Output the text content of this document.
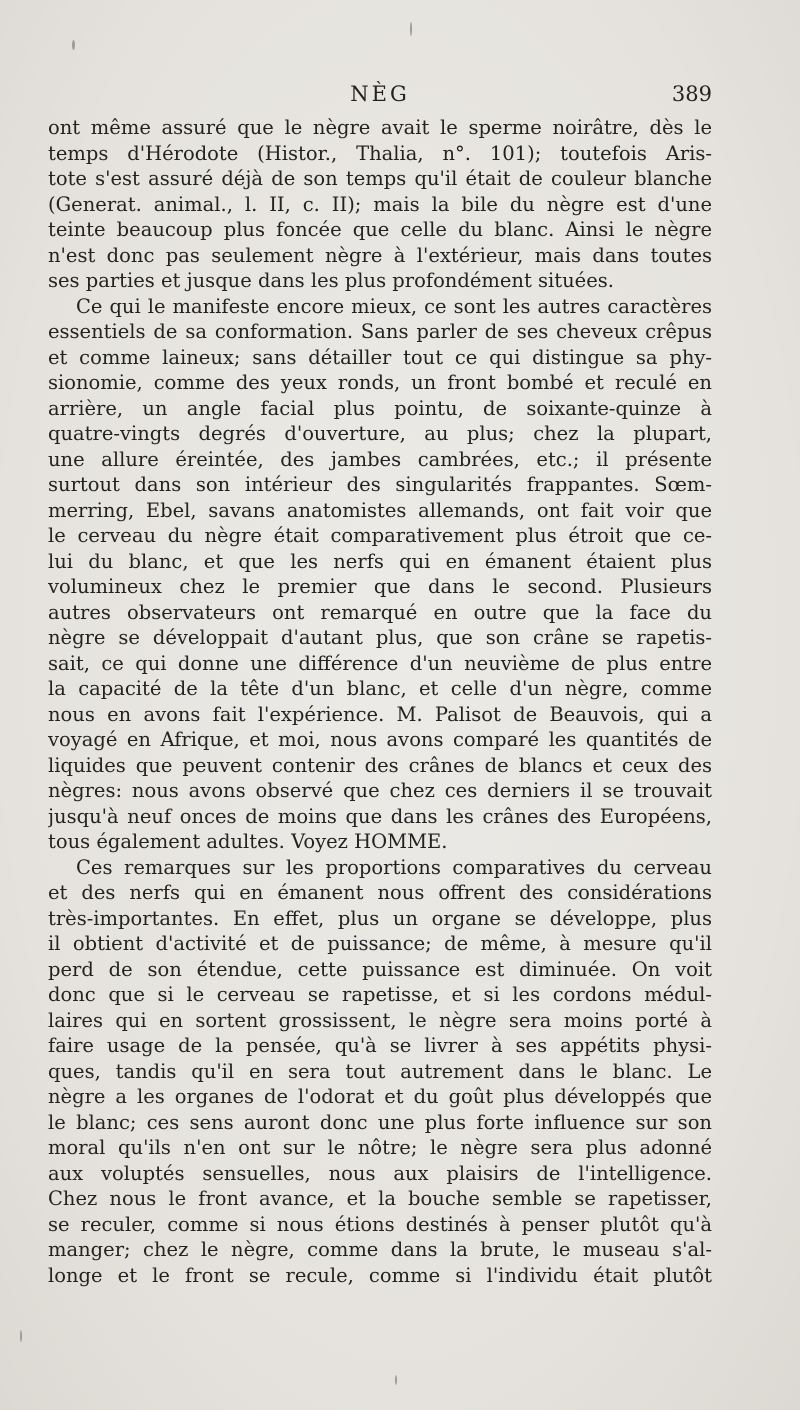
NÈG	389
ont même assuré que le nègre avait le sperme noirâtre, dès le
temps d'Hérodote (Histor., Thalia, n°. 101); toutefois Aris-
tote s'est assuré déjà de son temps qu'il était de couleur blanche
(Generat. animal., l. II, c. II); mais la bile du nègre est d'une
teinte beaucoup plus foncée que celle du blanc. Ainsi le nègre
n'est donc pas seulement nègre à l'extérieur, mais dans toutes
ses parties et jusque dans les plus profondément situées.
Ce qui le manifeste encore mieux, ce sont les autres caractères
essentiels de sa conformation. Sans parler de ses cheveux crêpus
et comme laineux; sans détailler tout ce qui distingue sa phy-
sionomie, comme des yeux ronds, un front bombé et reculé en
arrière, un angle facial plus pointu, de soixante-quinze à
quatre-vingts degrés d'ouverture, au plus; chez la plupart,
une allure éreintée, des jambes cambrées, etc.; il présente
surtout dans son intérieur des singularités frappantes. Sœm-
merring, Ebel, savans anatomistes allemands, ont fait voir que
le cerveau du nègre était comparativement plus étroit que ce-
lui du blanc, et que les nerfs qui en émanent étaient plus
volumineux chez le premier que dans le second. Plusieurs
autres observateurs ont remarqué en outre que la face du
nègre se développait d'autant plus, que son crâne se rapetis-
sait, ce qui donne une différence d'un neuvième de plus entre
la capacité de la tête d'un blanc, et celle d'un nègre, comme
nous en avons fait l'expérience. M. Palisot de Beauvois, qui a
voyagé en Afrique, et moi, nous avons comparé les quantités de
liquides que peuvent contenir des crânes de blancs et ceux des
nègres: nous avons observé que chez ces derniers il se trouvait
jusqu'à neuf onces de moins que dans les crânes des Européens,
tous également adultes. Voyez HOMME.
Ces remarques sur les proportions comparatives du cerveau
et des nerfs qui en émanent nous offrent des considérations
très-importantes. En effet, plus un organe se développe, plus
il obtient d'activité et de puissance; de même, à mesure qu'il
perd de son étendue, cette puissance est diminuée. On voit
donc que si le cerveau se rapetisse, et si les cordons médul-
laires qui en sortent grossissent, le nègre sera moins porté à
faire usage de la pensée, qu'à se livrer à ses appétits physi-
ques, tandis qu'il en sera tout autrement dans le blanc. Le
nègre a les organes de l'odorat et du goût plus développés que
le blanc; ces sens auront donc une plus forte influence sur son
moral qu'ils n'en ont sur le nôtre; le nègre sera plus adonné
aux voluptés sensuelles, nous aux plaisirs de l'intelligence.
Chez nous le front avance, et la bouche semble se rapetisser,
se reculer, comme si nous étions destinés à penser plutôt qu'à
manger; chez le nègre, comme dans la brute, le museau s'al-
longe et le front se recule, comme si l'individu était plutôt
